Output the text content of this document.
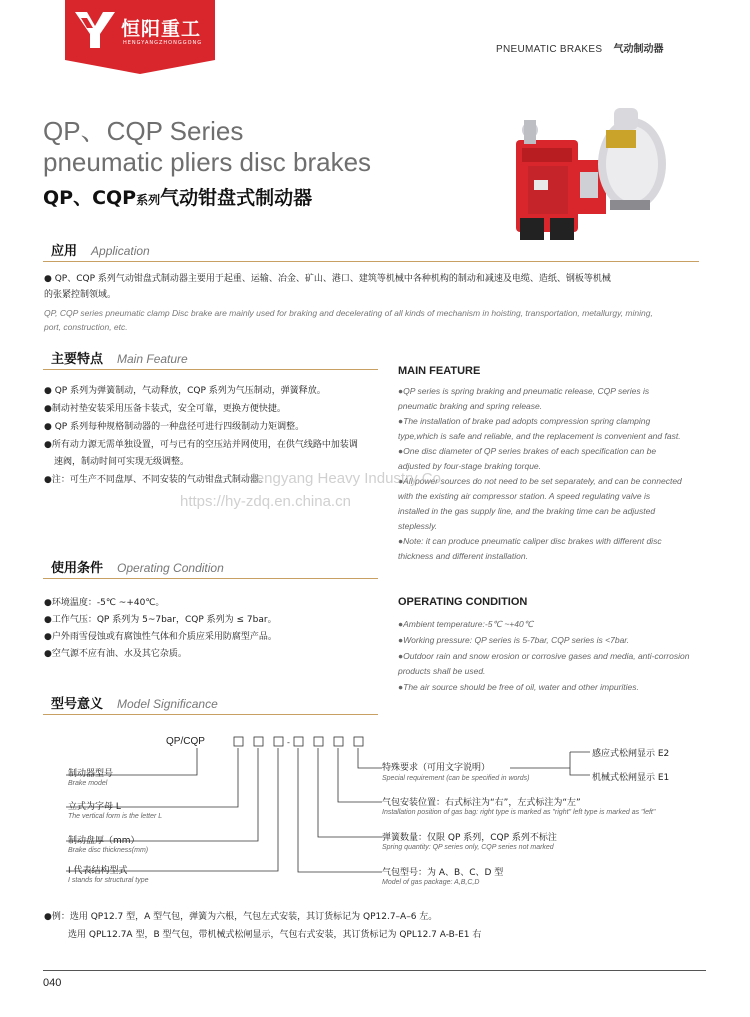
恒阳重工
HENGYANGZHONGGONG
PNEUMATIC BRAKES 气动制动器
QP、CQP Series
pneumatic pliers disc brakes
QP、CQP系列气动钳盘式制动器
应用 Application
● QP、CQP 系列气动钳盘式制动器主要用于起重、运输、冶金、矿山、港口、建筑等机械中各种机构的制动和减速及电缆、造纸、钢板等机械
的张紧控制领域。
QP, CQP series pneumatic clamp Disc brake are mainly used for braking and decelerating of all kinds of mechanism in hoisting, transportation, metallurgy, mining,
port, construction, etc.
主要特点 Main Feature
● QP 系列为弹簧制动，气动释放，CQP 系列为气压制动，弹簧释放。
●制动衬垫安装采用压备卡装式，安全可靠，更换方便快捷。
● QP 系列每种规格制动器的一种盘径可进行四级制动力矩调整。
●所有动力源无需单独设置，可与已有的空压站并网使用，在供气线路中加装调
速阀，制动时间可实现无级调整。
●注：可生产不同盘厚、不同安装的气动钳盘式制动器。
MAIN FEATURE
●QP series is spring braking and pneumatic release, CQP series is
pneumatic braking and spring release.
●The installation of brake pad adopts compression spring clamping
type,which is safe and reliable, and the replacement is convenient and fast.
●One disc diameter of QP series brakes of each specification can be
adjusted by four-stage braking torque.
●All power sources do not need to be set separately, and can be connected
with the existing air compressor station. A speed regulating valve is
installed in the gas supply line, and the braking time can be adjusted
steplessly.
●Note: it can produce pneumatic caliper disc brakes with different disc
thickness and different installation.
Hengyang Heavy Industry Co.
https://hy-zdq.en.china.cn
使用条件 Operating Condition
●环境温度：-5℃ ~+40℃。
●工作气压：QP 系列为 5~7bar，CQP 系列为 ≤ 7bar。
●户外雨雪侵蚀或有腐蚀性气体和介质应采用防腐型产品。
●空气源不应有油、水及其它杂质。
OPERATING CONDITION
●Ambient temperature:-5℃ ~+40℃
●Working pressure: QP series is 5-7bar, CQP series is <7bar.
●Outdoor rain and snow erosion or corrosive gases and media, anti-corrosion
products shall be used.
●The air source should be free of oil, water and other impurities.
型号意义 Model Significance
-
QP/CQP
制动器型号
Brake model
立式为字母 L
The vertical form is the letter L
制动盘厚（mm）
Brake disc thickness(mm)
I 代表结构型式
I stands for structural type
特殊要求（可用文字说明）
Special requirement (can be specified in words)
气包安装位置：右式标注为“右”，左式标注为“左”
Installation position of gas bag: right type is marked as "right" left type is marked as "left"
弹簧数量：仅限 QP 系列，CQP 系列不标注
Spring quantity: QP series only, CQP series not marked
气包型号：为 A、B、C、D 型
Model of gas package: A,B,C,D
感应式松闸显示 E2
机械式松闸显示 E1
●例：选用 QP12.7 型，A 型气包，弹簧为六根，气包左式安装，其订货标记为 QP12.7–A–6 左。
选用 QPL12.7A 型，B 型气包，带机械式松闸显示，气包右式安装，其订货标记为 QPL12.7 A-B-E1 右
040
